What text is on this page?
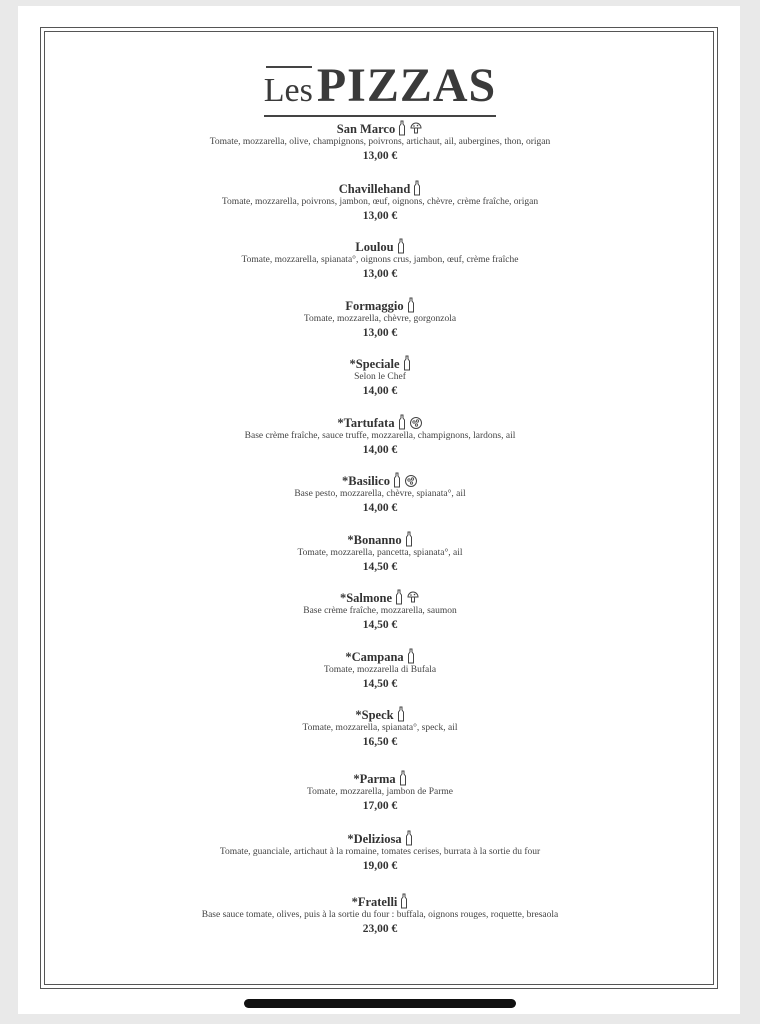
Les PIZZAS
San Marco
Tomate, mozzarella, olive, champignons, poivrons, artichaut, ail, aubergines, thon, origan
13,00 €
Chavillehand
Tomate, mozzarella, poivrons, jambon, œuf, oignons, chèvre, crème fraîche, origan
13,00 €
Loulou
Tomate, mozzarella, spianata°, oignons crus, jambon, œuf, crème fraîche
13,00 €
Formaggio
Tomate, mozzarella, chèvre, gorgonzola
13,00 €
*Speciale
Selon le Chef
14,00 €
*Tartufata
Base crème fraîche, sauce truffe, mozzarella, champignons, lardons, ail
14,00 €
*Basilico
Base pesto, mozzarella, chèvre, spianata°, ail
14,00 €
*Bonanno
Tomate, mozzarella, pancetta, spianata°, ail
14,50 €
*Salmone
Base crème fraîche, mozzarella, saumon
14,50 €
*Campana
Tomate, mozzarella di Bufala
14,50 €
*Speck
Tomate, mozzarella, spianata°, speck, ail
16,50 €
*Parma
Tomate, mozzarella, jambon de Parme
17,00 €
*Deliziosa
Tomate, guanciale, artichaut à la romaine, tomates cerises, burrata à la sortie du four
19,00 €
*Fratelli
Base sauce tomate, olives, puis à la sortie du four : buffala, oignons rouges, roquette, bresaola
23,00 €
